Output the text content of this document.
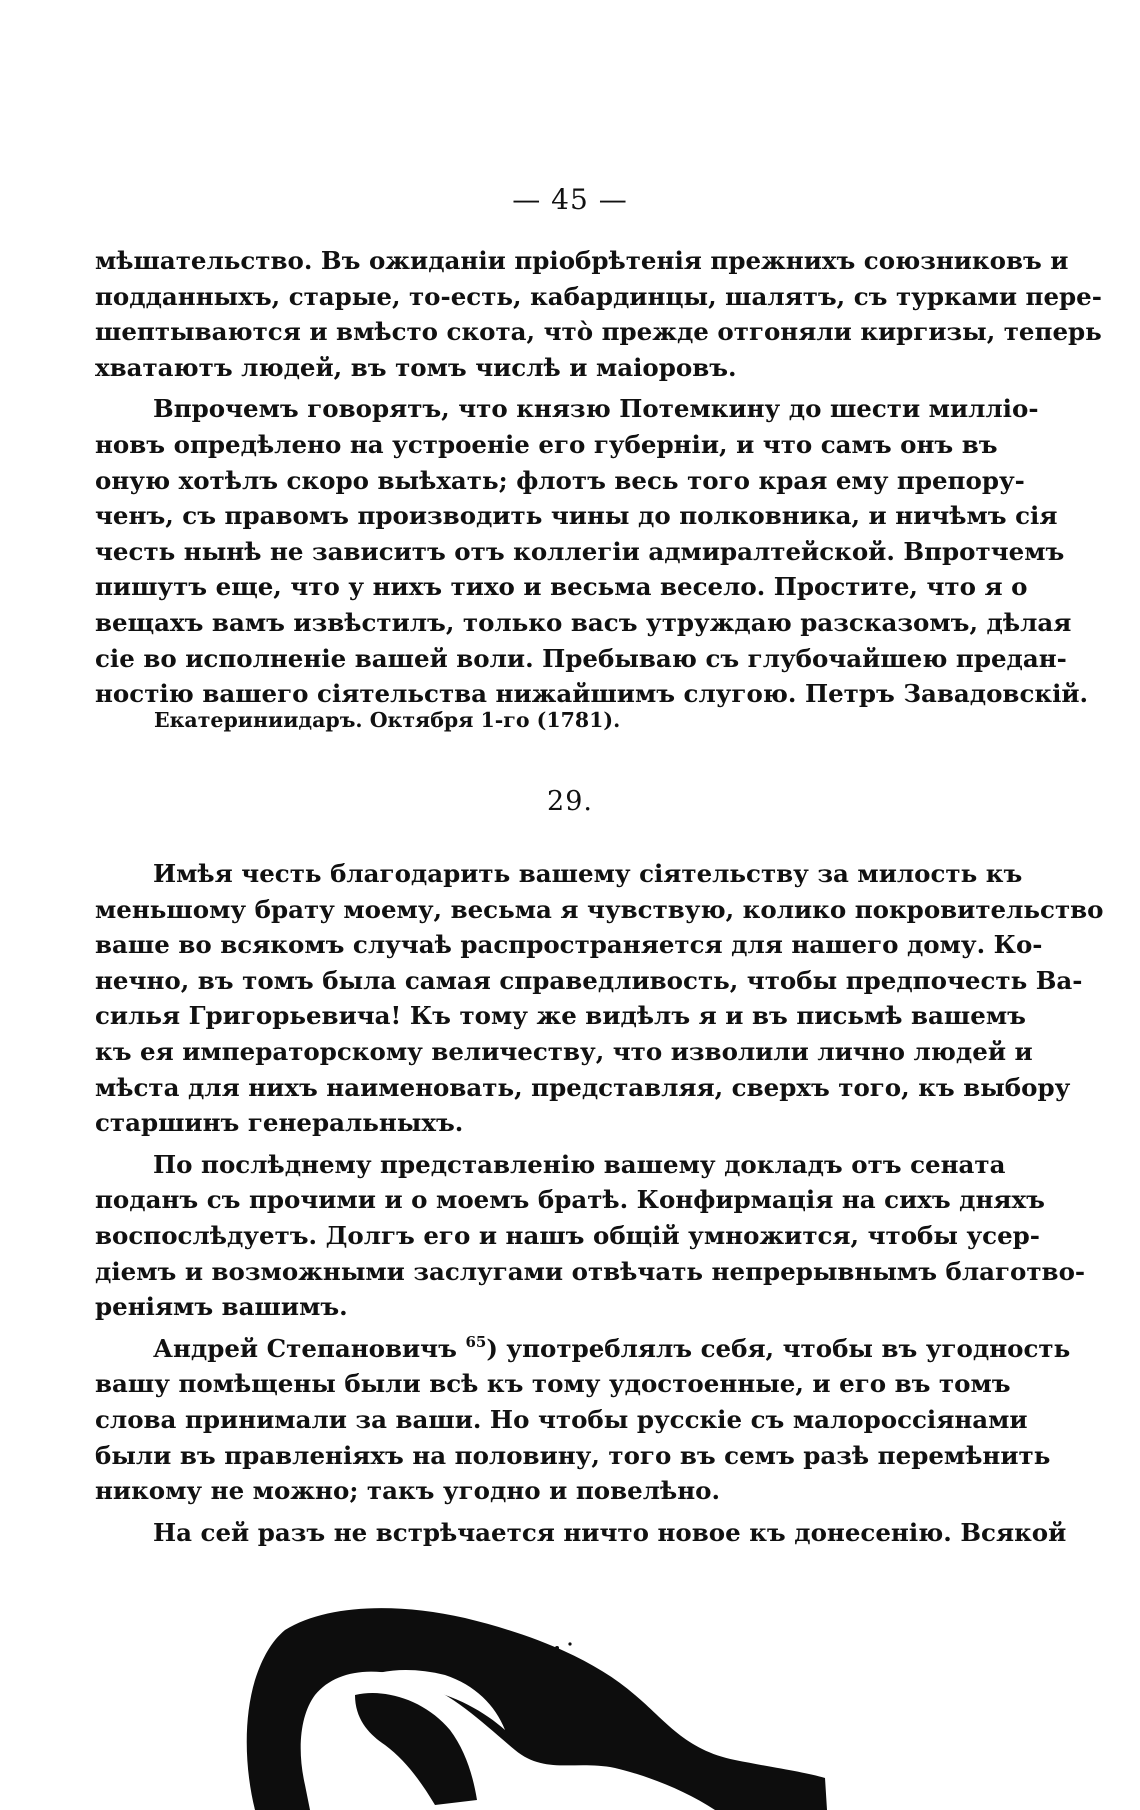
— 45 —
мѣшательство. Въ ожиданіи пріобрѣтенія прежнихъ союзниковъ и
подданныхъ, старые, то-есть, кабардинцы, шалятъ, съ турками пере-
шептываются и вмѣсто скота, что̀ прежде отгоняли киргизы, теперь
хватаютъ людей, въ томъ числѣ и маіоровъ.
Впрочемъ говорятъ, что князю Потемкину до шести милліо-
новъ опредѣлено на устроеніе его губерніи, и что самъ онъ въ
оную хотѣлъ скоро выѣхать; флотъ весь того края ему препору-
ченъ, съ правомъ производить чины до полковника, и ничѣмъ сія
честь нынѣ не зависитъ отъ коллегіи адмиралтейской. Впротчемъ
пишутъ еще, что у нихъ тихо и весьма весело. Простите, что я о
вещахъ вамъ извѣстилъ, только васъ утруждаю разсказомъ, дѣлая
сіе во исполненіе вашей воли. Пребываю съ глубочайшею предан-
ностію вашего сіятельства нижайшимъ слугою. Петръ Завадовскій.
Екатериниидаръ. Октября 1-го (1781).
29.
Имѣя честь благодарить вашему сіятельству за милость къ
меньшому брату моему, весьма я чувствую, колико покровительство
ваше во всякомъ случаѣ распространяется для нашего дому. Ко-
нечно, въ томъ была самая справедливость, чтобы предпочесть Ва-
силья Григорьевича! Къ тому же видѣлъ я и въ письмѣ вашемъ
къ ея императорскому величеству, что изволили лично людей и
мѣста для нихъ наименовать, представляя, сверхъ того, къ выбору
старшинъ генеральныхъ.
По послѣднему представленію вашему докладъ отъ сената
поданъ съ прочими и о моемъ братѣ. Конфирмація на сихъ дняхъ
воспослѣдуетъ. Долгъ его и нашъ общій умножится, чтобы усер-
діемъ и возможными заслугами отвѣчать непрерывнымъ благотво-
реніямъ вашимъ.
Андрей Степановичъ $^{65}$) употреблялъ себя, чтобы въ угодность
вашу помѣщены были всѣ къ тому удостоенные, и его въ томъ
слова принимали за ваши. Но чтобы русскіе съ малороссіянами
были въ правленіяхъ на половину, того въ семъ разѣ перемѣнить
никому не можно; такъ угодно и повелѣно.
На сей разъ не встрѣчается ничто новое къ донесенію. Всякой
